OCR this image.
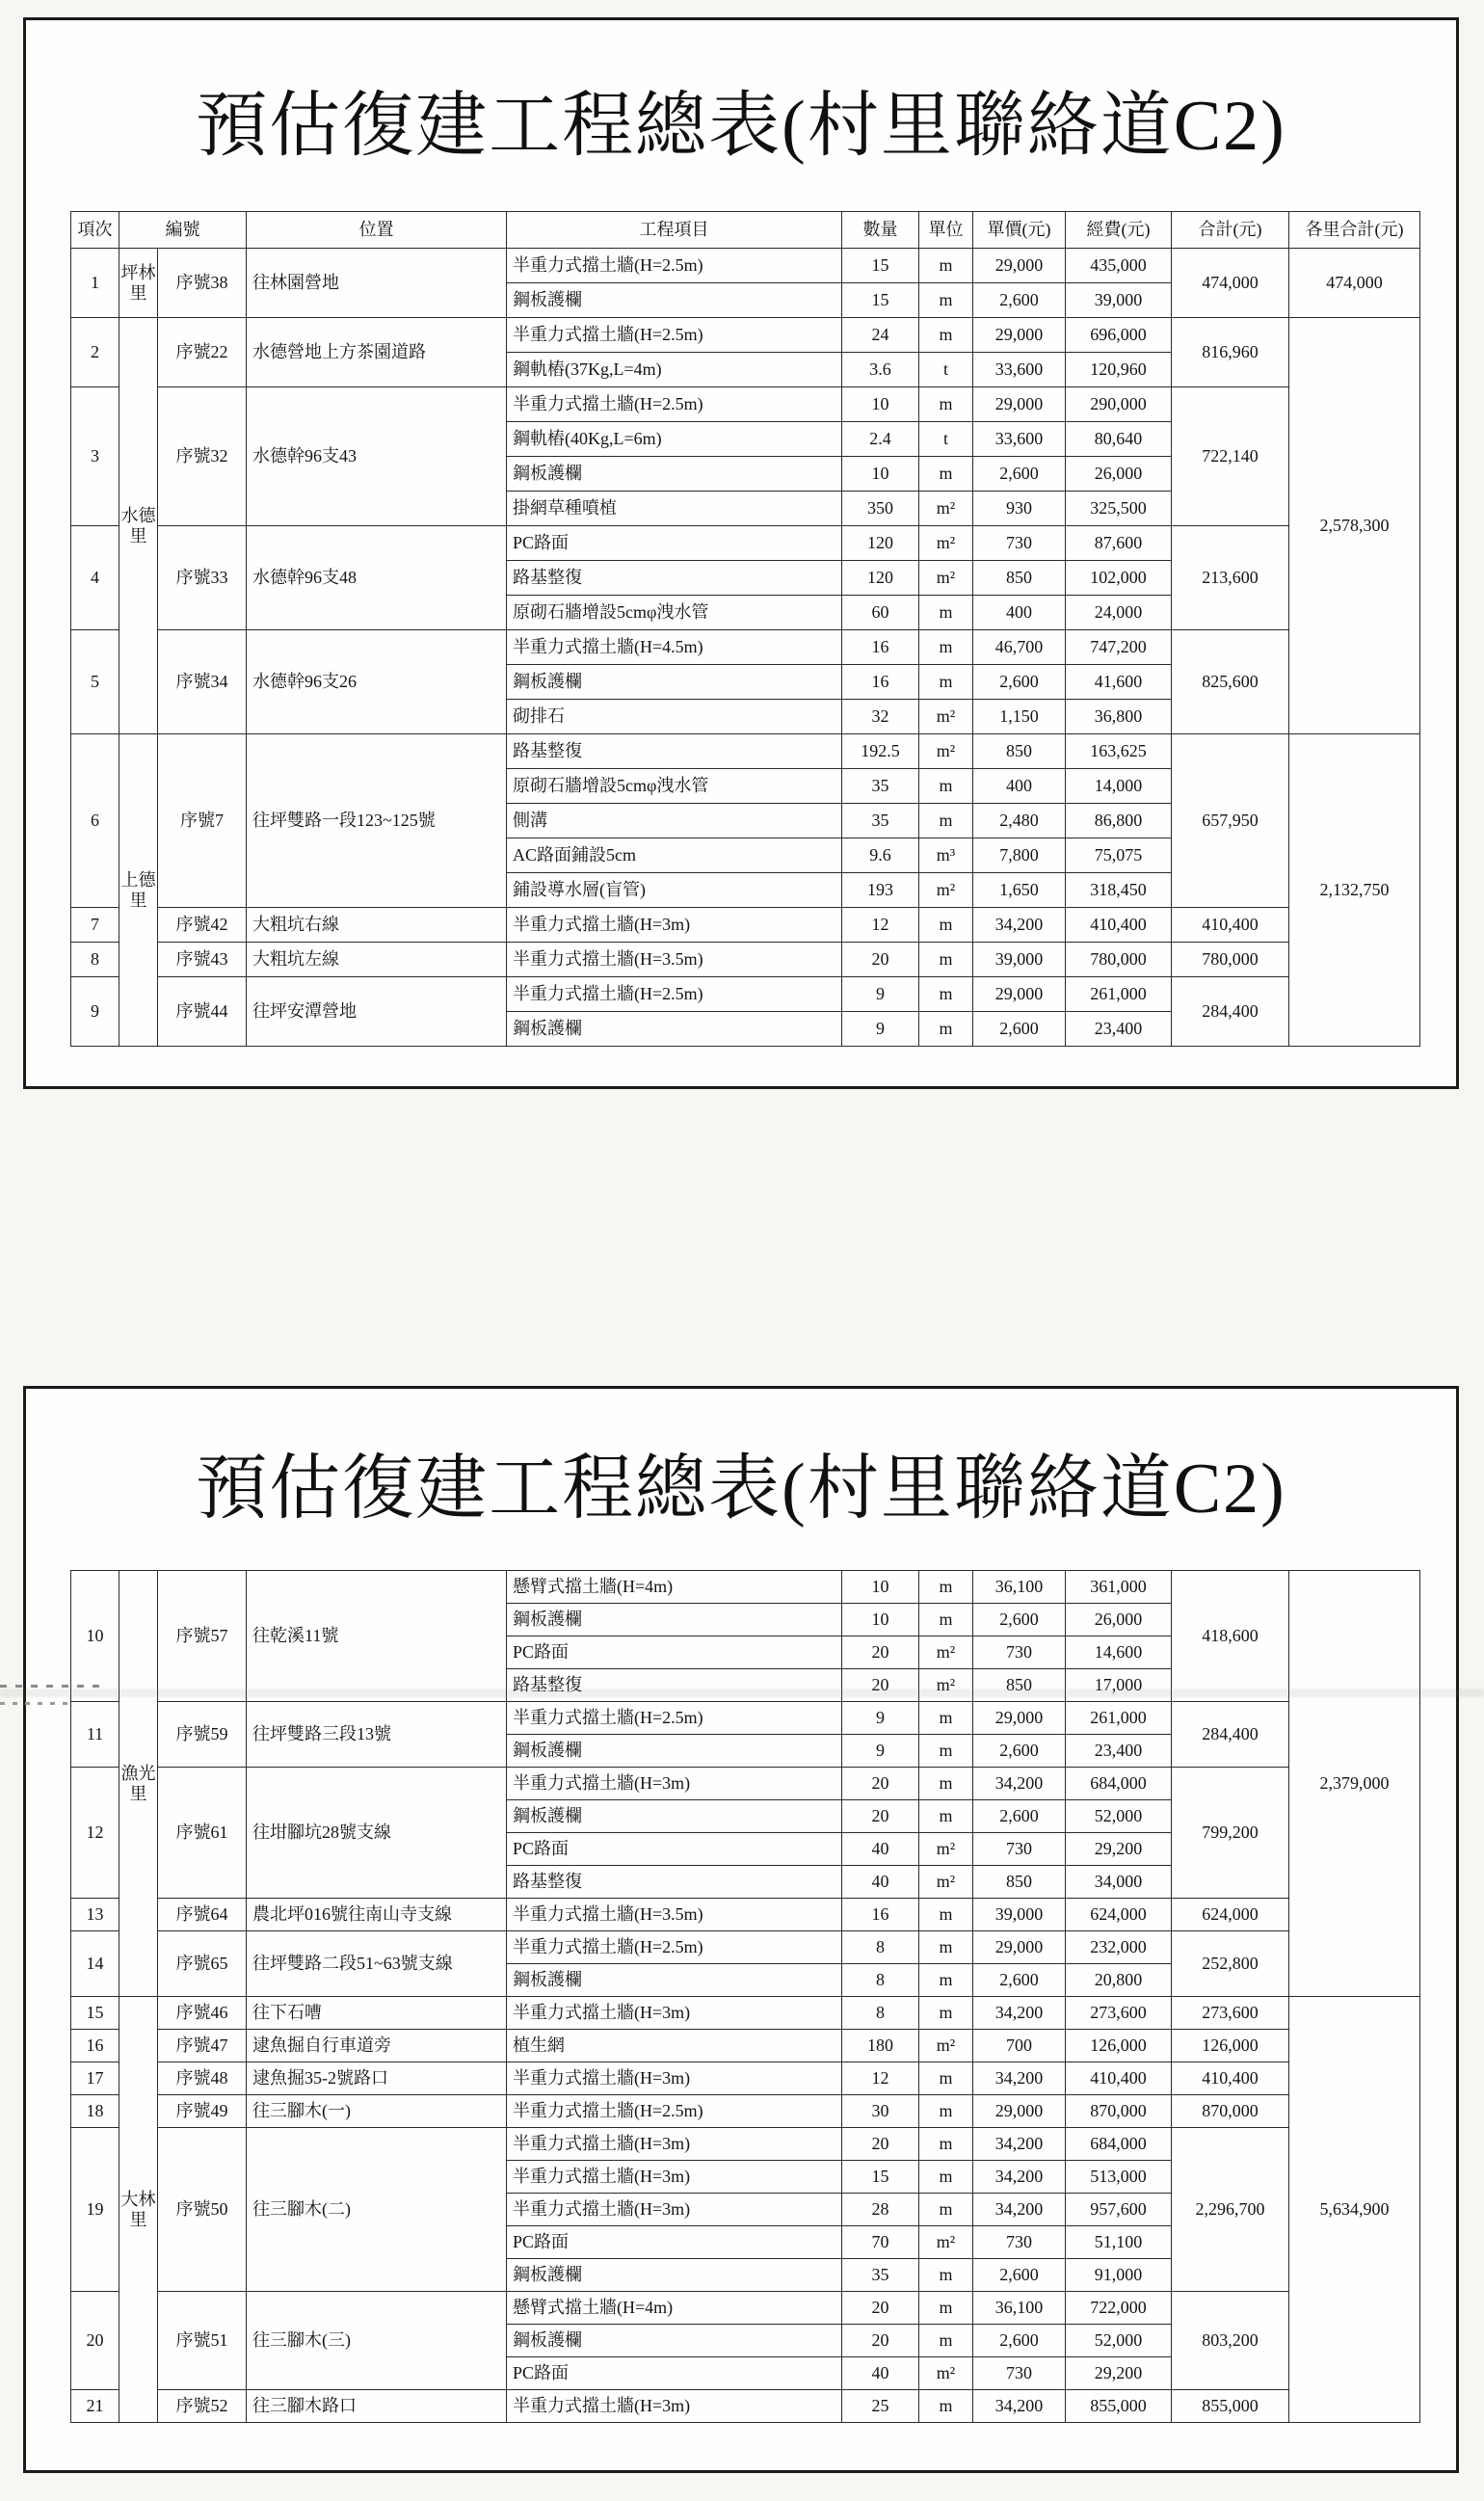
預估復建工程總表(村里聯絡道C2)
項次	編號		位置	工程項目	數量	單位	單價(元)	經費(元)	合計(元)	各里合計(元)
1	坪林里	序號38	往林園營地	半重力式擋土牆(H=2.5m)	15	m	29,000	435,000	474,000	474,000
				鋼板護欄	15	m	2,600	39,000		
2	水德里	序號22	水德營地上方茶園道路	半重力式擋土牆(H=2.5m)	24	m	29,000	696,000	816,960	2,578,300
				鋼軌樁(37Kg,L=4m)	3.6	t	33,600	120,960		
3		序號32	水德幹96支43	半重力式擋土牆(H=2.5m)	10	m	29,000	290,000	722,140	
				鋼軌樁(40Kg,L=6m)	2.4	t	33,600	80,640		
				鋼板護欄	10	m	2,600	26,000		
				掛網草種噴植	350	m²	930	325,500		
4		序號33	水德幹96支48	PC路面	120	m²	730	87,600	213,600	
				路基整復	120	m²	850	102,000		
				原砌石牆增設5cmφ洩水管	60	m	400	24,000		
5		序號34	水德幹96支26	半重力式擋土牆(H=4.5m)	16	m	46,700	747,200	825,600	
				鋼板護欄	16	m	2,600	41,600		
				砌排石	32	m²	1,150	36,800		
6	上德里	序號7	往坪雙路一段123~125號	路基整復	192.5	m²	850	163,625	657,950	2,132,750
				原砌石牆增設5cmφ洩水管	35	m	400	14,000		
				側溝	35	m	2,480	86,800		
				AC路面鋪設5cm	9.6	m³	7,800	75,075		
				鋪設導水層(盲管)	193	m²	1,650	318,450		
7		序號42	大粗坑右線	半重力式擋土牆(H=3m)	12	m	34,200	410,400	410,400	
8		序號43	大粗坑左線	半重力式擋土牆(H=3.5m)	20	m	39,000	780,000	780,000	
9		序號44	往坪安潭營地	半重力式擋土牆(H=2.5m)	9	m	29,000	261,000	284,400	
				鋼板護欄	9	m	2,600	23,400		
預估復建工程總表(村里聯絡道C2)
10	漁光里	序號57	往乾溪11號	懸臂式擋土牆(H=4m)	10	m	36,100	361,000	418,600	2,379,000
				鋼板護欄	10	m	2,600	26,000		
				PC路面	20	m²	730	14,600		
				路基整復	20	m²	850	17,000		
11		序號59	往坪雙路三段13號	半重力式擋土牆(H=2.5m)	9	m	29,000	261,000	284,400	
				鋼板護欄	9	m	2,600	23,400		
12		序號61	往坩腳坑28號支線	半重力式擋土牆(H=3m)	20	m	34,200	684,000	799,200	
				鋼板護欄	20	m	2,600	52,000		
				PC路面	40	m²	730	29,200		
				路基整復	40	m²	850	34,000		
13		序號64	農北坪016號往南山寺支線	半重力式擋土牆(H=3.5m)	16	m	39,000	624,000	624,000	
14		序號65	往坪雙路二段51~63號支線	半重力式擋土牆(H=2.5m)	8	m	29,000	232,000	252,800	
				鋼板護欄	8	m	2,600	20,800		
15	大林里	序號46	往下石嘈	半重力式擋土牆(H=3m)	8	m	34,200	273,600	273,600	5,634,900
16		序號47	逮魚掘自行車道旁	植生網	180	m²	700	126,000	126,000	
17		序號48	逮魚掘35-2號路口	半重力式擋土牆(H=3m)	12	m	34,200	410,400	410,400	
18		序號49	往三腳木(一)	半重力式擋土牆(H=2.5m)	30	m	29,000	870,000	870,000	
19		序號50	往三腳木(二)	半重力式擋土牆(H=3m)	20	m	34,200	684,000	2,296,700	
				半重力式擋土牆(H=3m)	15	m	34,200	513,000		
				半重力式擋土牆(H=3m)	28	m	34,200	957,600		
				PC路面	70	m²	730	51,100		
				鋼板護欄	35	m	2,600	91,000		
20		序號51	往三腳木(三)	懸臂式擋土牆(H=4m)	20	m	36,100	722,000	803,200	
				鋼板護欄	20	m	2,600	52,000		
				PC路面	40	m²	730	29,200		
21		序號52	往三腳木路口	半重力式擋土牆(H=3m)	25	m	34,200	855,000	855,000	
